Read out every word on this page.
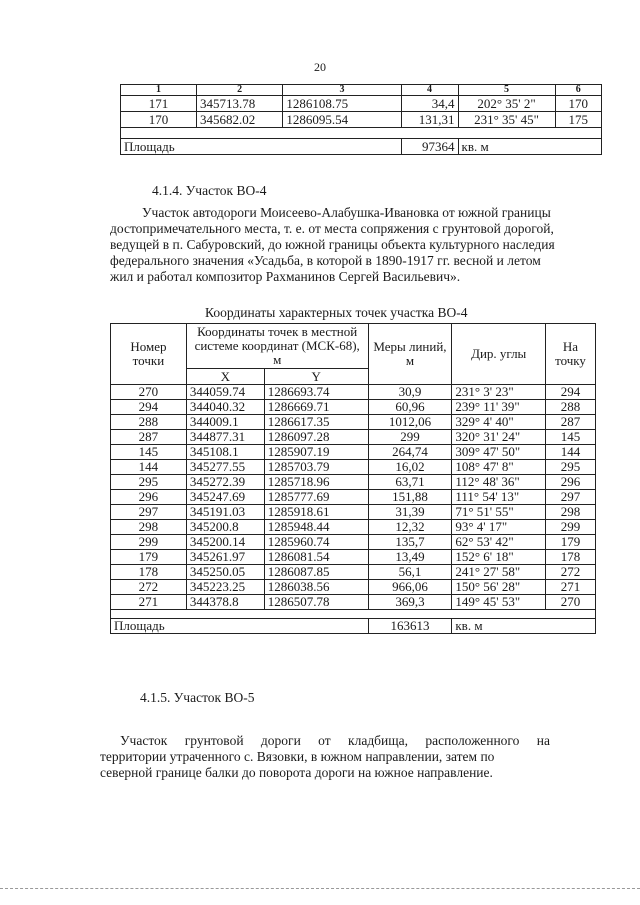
20
1	2	3	4	5	6
171	345713.78	1286108.75	34,4	202° 35' 2"	170
170	345682.02	1286095.54	131,31	231° 35' 45"	175

Площадь			97364	кв. м	
4.1.4. Участок ВО-4
Участок автодороги Моисеево-Алабушка-Ивановка от южной границы
достопримечательного места, т. е. от места сопряжения с грунтовой дорогой,
ведущей в п. Сабуровский, до южной границы объекта культурного наследия
федерального значения «Усадьба, в которой в 1890-1917 гг. весной и летом
жил и работал композитор Рахманинов Сергей Васильевич».
Координаты характерных точек участка ВО-4
Номер точки	Координаты точек в местной системе координат (МСК-68), м		Меры линий, м	Дир. углы	На точку
	X	Y			
270	344059.74	1286693.74	30,9	231° 3' 23"	294
294	344040.32	1286669.71	60,96	239° 11' 39"	288
288	344009.1	1286617.35	1012,06	329° 4' 40"	287
287	344877.31	1286097.28	299	320° 31' 24"	145
145	345108.1	1285907.19	264,74	309° 47' 50"	144
144	345277.55	1285703.79	16,02	108° 47' 8"	295
295	345272.39	1285718.96	63,71	112° 48' 36"	296
296	345247.69	1285777.69	151,88	111° 54' 13"	297
297	345191.03	1285918.61	31,39	71° 51' 55"	298
298	345200.8	1285948.44	12,32	93° 4' 17"	299
299	345200.14	1285960.74	135,7	62° 53' 42"	179
179	345261.97	1286081.54	13,49	152° 6' 18"	178
178	345250.05	1286087.85	56,1	241° 27' 58"	272
272	345223.25	1286038.56	966,06	150° 56' 28"	271
271	344378.8	1286507.78	369,3	149° 45' 53"	270

Площадь			163613	кв. м	
4.1.5. Участок ВО-5
Участок грунтовой дороги от кладбища, расположенного на
территории утраченного с. Вязовки, в южном направлении, затем по
северной границе балки до поворота дороги на южное направление.
